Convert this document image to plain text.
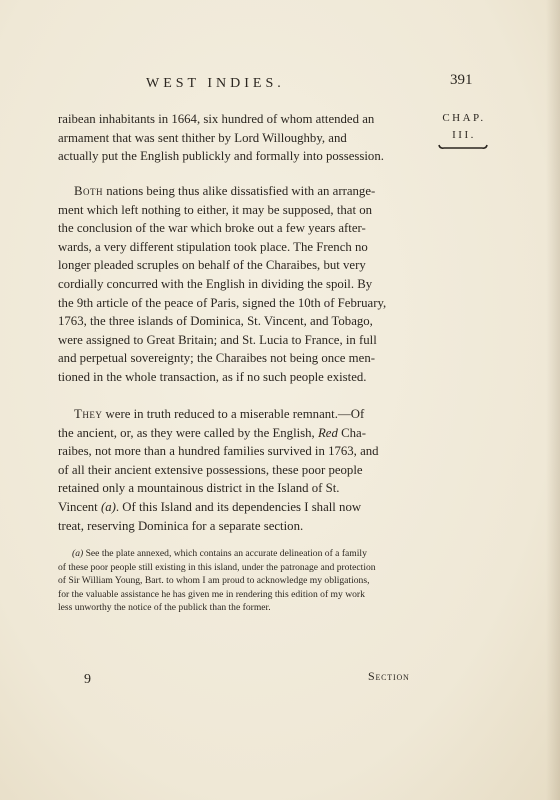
WEST INDIES.	391
CHAP.
III.
raibean inhabitants in 1664, six hundred of whom attended an
armament that was sent thither by Lord Willoughby, and
actually put the English publickly and formally into possession.
Both nations being thus alike dissatisfied with an arrange-
ment which left nothing to either, it may be supposed, that on
the conclusion of the war which broke out a few years after-
wards, a very different stipulation took place. The French no
longer pleaded scruples on behalf of the Charaibes, but very
cordially concurred with the English in dividing the spoil. By
the 9th article of the peace of Paris, signed the 10th of February,
1763, the three islands of Dominica, St. Vincent, and Tobago,
were assigned to Great Britain; and St. Lucia to France, in full
and perpetual sovereignty; the Charaibes not being once men-
tioned in the whole transaction, as if no such people existed.
They were in truth reduced to a miserable remnant.—Of
the ancient, or, as they were called by the English, Red Cha-
raibes, not more than a hundred families survived in 1763, and
of all their ancient extensive possessions, these poor people
retained only a mountainous district in the Island of St.
Vincent (a). Of this Island and its dependencies I shall now
treat, reserving Dominica for a separate section.
(a) See the plate annexed, which contains an accurate delineation of a family
of these poor people still existing in this island, under the patronage and protection
of Sir William Young, Bart. to whom I am proud to acknowledge my obligations,
for the valuable assistance he has given me in rendering this edition of my work
less unworthy the notice of the publick than the former.
9	Section
